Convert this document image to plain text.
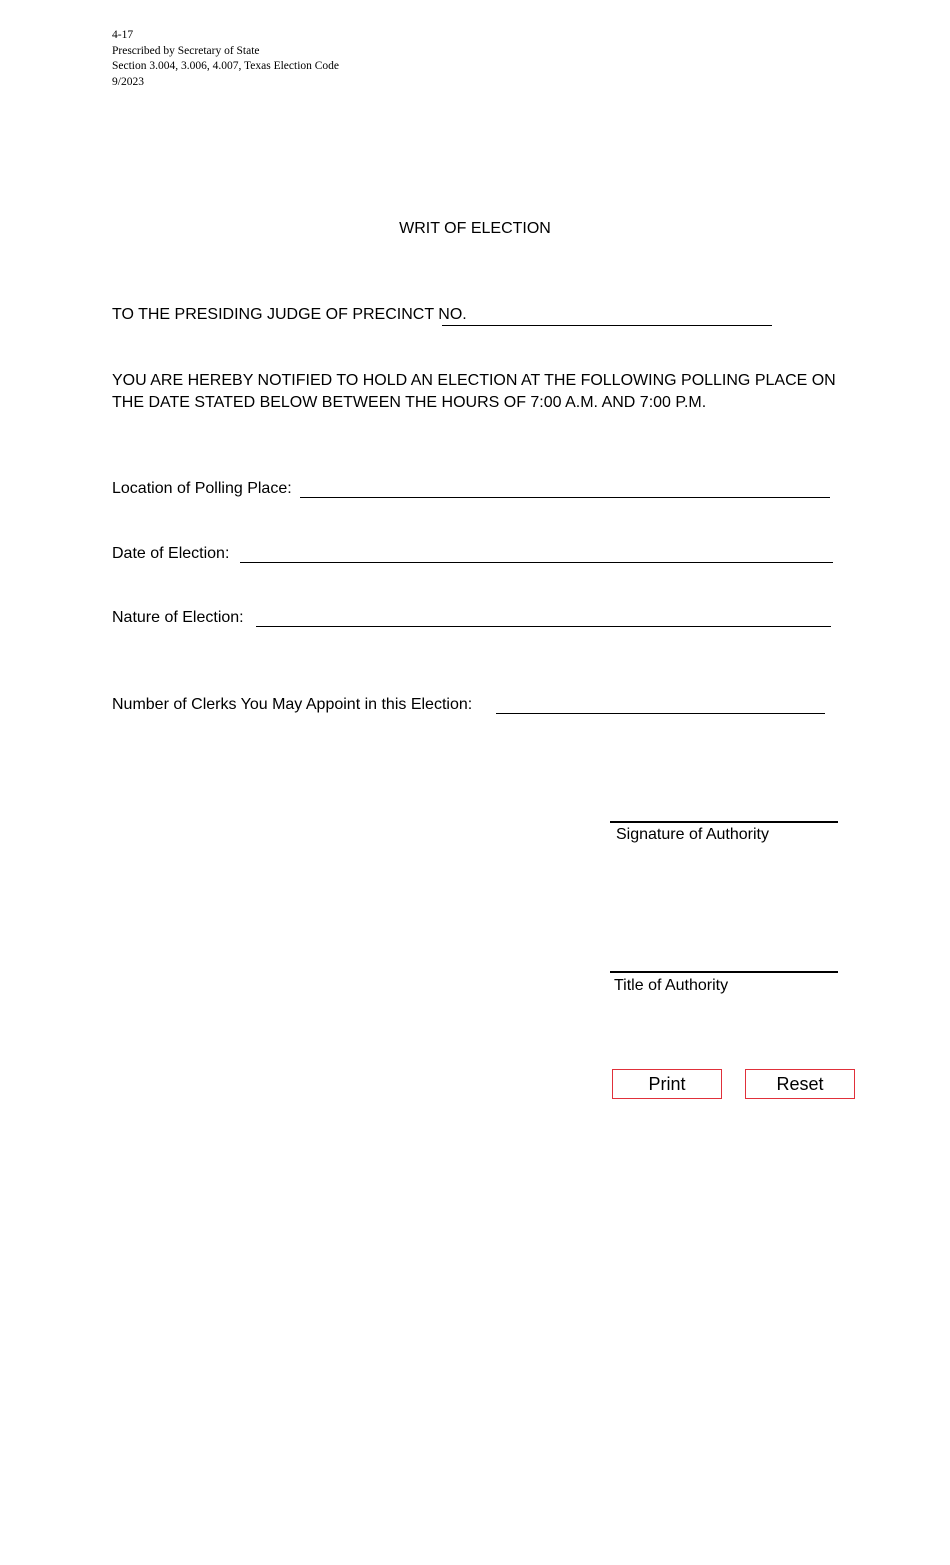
4-17
Prescribed by Secretary of State
Section 3.004, 3.006, 4.007, Texas Election Code
9/2023
WRIT OF ELECTION
TO THE PRESIDING JUDGE OF PRECINCT NO.
YOU ARE HEREBY NOTIFIED TO HOLD AN ELECTION AT THE FOLLOWING POLLING PLACE ON THE DATE STATED BELOW BETWEEN THE HOURS OF 7:00 A.M. AND 7:00 P.M.
Location of Polling Place:
Date of Election:
Nature of Election:
Number of Clerks You May Appoint in this Election:
Signature of Authority
Title of Authority
Print	Reset
